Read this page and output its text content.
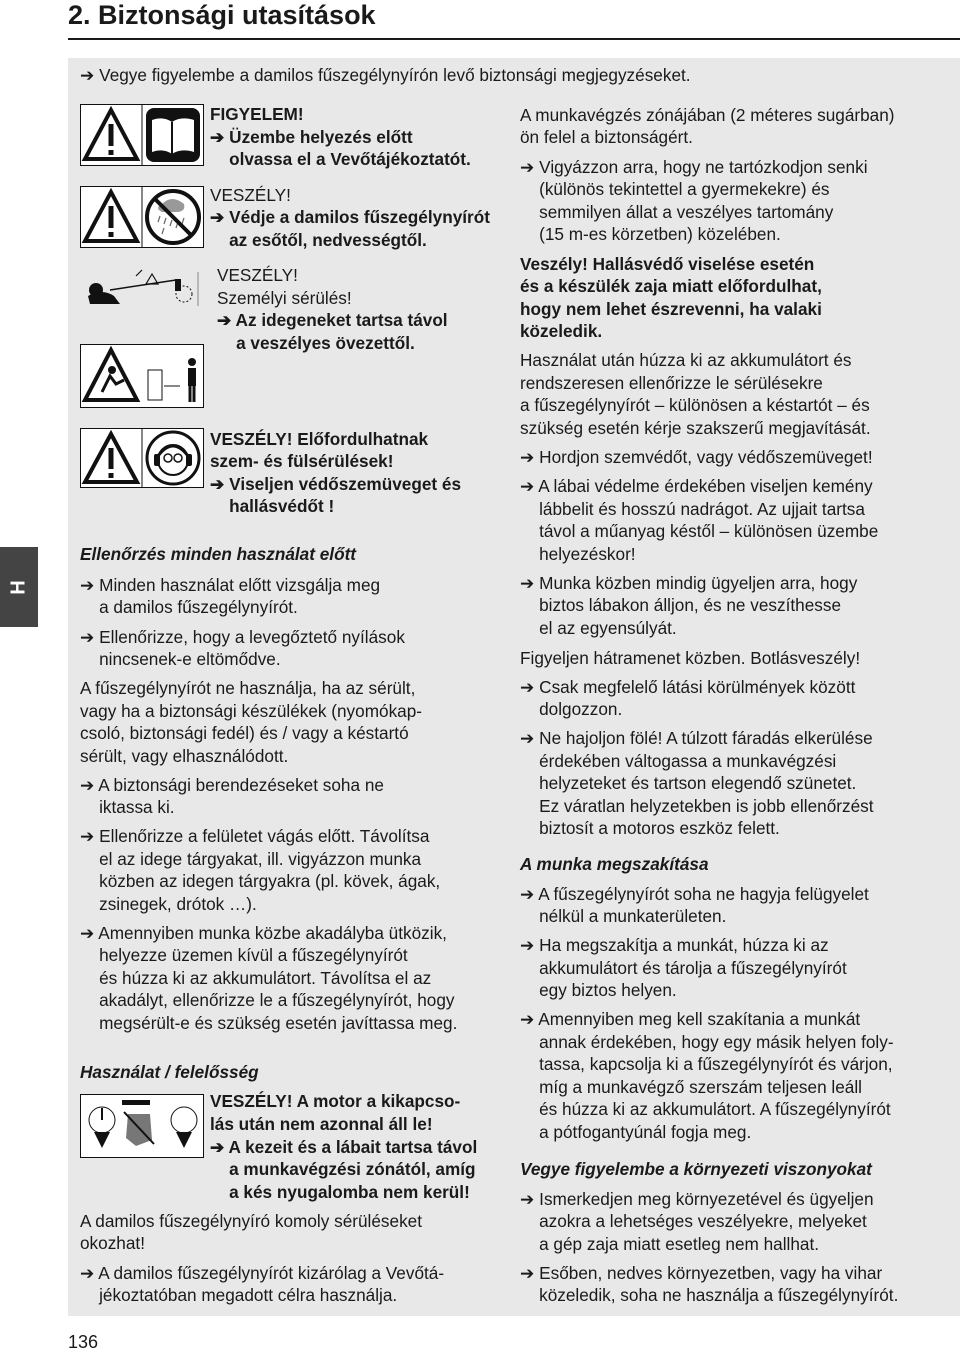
2. Biztonsági utasítások
H
136
➔ Vegye figyelembe a damilos fűszegélynyírón levő biztonsági megjegyzéseket.
FIGYELEM!
➔ Üzembe helyezés előtt
olvassa el a Vevőtájékoztatót.
VESZÉLY!
➔ Védje a damilos fűszegélynyírót
az esőtől, nedvességtől.
VESZÉLY!
Személyi sérülés!
➔ Az idegeneket tartsa távol
a veszélyes övezettől.
VESZÉLY! Előfordulhatnak
szem- és fülsérülések!
➔ Viseljen védőszemüveget és
hallásvédőt !
Ellenőrzés minden használat előtt
➔ Minden használat előtt vizsgálja meg
a damilos fűszegélynyírót.
➔ Ellenőrizze, hogy a levegőztető nyílások
nincsenek-e eltömődve.
A fűszegélynyírót ne használja, ha az sérült,
vagy ha a biztonsági készülékek (nyomókap-
csoló, biztonsági fedél) és / vagy a késtartó
sérült, vagy elhasználódott.
➔ A biztonsági berendezéseket soha ne
iktassa ki.
➔ Ellenőrizze a felületet vágás előtt. Távolítsa
el az idege tárgyakat, ill. vigyázzon munka
közben az idegen tárgyakra (pl. kövek, ágak,
zsinegek, drótok …).
➔ Amennyiben munka közbe akadályba ütközik,
helyezze üzemen kívül a fűszegélynyírót
és húzza ki az akkumulátort. Távolítsa el az
akadályt, ellenőrizze le a fűszegélynyírót, hogy
megsérült-e és szükség esetén javíttassa meg.
Használat / felelősség
VESZÉLY! A motor a kikapcso-
lás után nem azonnal áll le!
➔ A kezeit és a lábait tartsa távol
a munkavégzési zónától, amíg
a kés nyugalomba nem kerül!
A damilos fűszegélynyíró komoly sérüléseket
okozhat!
➔ A damilos fűszegélynyírót kizárólag a Vevőtá-
jékoztatóban megadott célra használja.
A munkavégzés zónájában (2 méteres sugárban)
ön felel a biztonságért.
➔ Vigyázzon arra, hogy ne tartózkodjon senki
(különös tekintettel a gyermekekre) és
semmilyen állat a veszélyes tartomány
(15 m-es körzetben) közelében.
Veszély! Hallásvédő viselése esetén
és a készülék zaja miatt előfordulhat,
hogy nem lehet észrevenni, ha valaki
közeledik.
Használat után húzza ki az akkumulátort és
rendszeresen ellenőrizze le sérülésekre
a fűszegélynyírót – különösen a késtartót – és
szükség esetén kérje szakszerű megjavítását.
➔ Hordjon szemvédőt, vagy védőszemüveget!
➔ A lábai védelme érdekében viseljen kemény
lábbelit és hosszú nadrágot. Az ujjait tartsa
távol a műanyag késtől – különösen üzembe
helyezéskor!
➔ Munka közben mindig ügyeljen arra, hogy
biztos lábakon álljon, és ne veszíthesse
el az egyensúlyát.
Figyeljen hátramenet közben. Botlásveszély!
➔ Csak megfelelő látási körülmények között
dolgozzon.
➔ Ne hajoljon fölé! A túlzott fáradás elkerülése
érdekében váltogassa a munkavégzési
helyzeteket és tartson elegendő szünetet.
Ez váratlan helyzetekben is jobb ellenőrzést
biztosít a motoros eszköz felett.
A munka megszakítása
➔ A fűszegélynyírót soha ne hagyja felügyelet
nélkül a munkaterületen.
➔ Ha megszakítja a munkát, húzza ki az
akkumulátort és tárolja a fűszegélynyírót
egy biztos helyen.
➔ Amennyiben meg kell szakítania a munkát
annak érdekében, hogy egy másik helyen foly-
tassa, kapcsolja ki a fűszegélynyírót és várjon,
míg a munkavégző szerszám teljesen leáll
és húzza ki az akkumulátort. A fűszegélynyírót
a pótfogantyúnál fogja meg.
Vegye figyelembe a környezeti viszonyokat
➔ Ismerkedjen meg környezetével és ügyeljen
azokra a lehetséges veszélyekre, melyeket
a gép zaja miatt esetleg nem hallhat.
➔ Esőben, nedves környezetben, vagy ha vihar
közeledik, soha ne használja a fűszegélynyírót.
